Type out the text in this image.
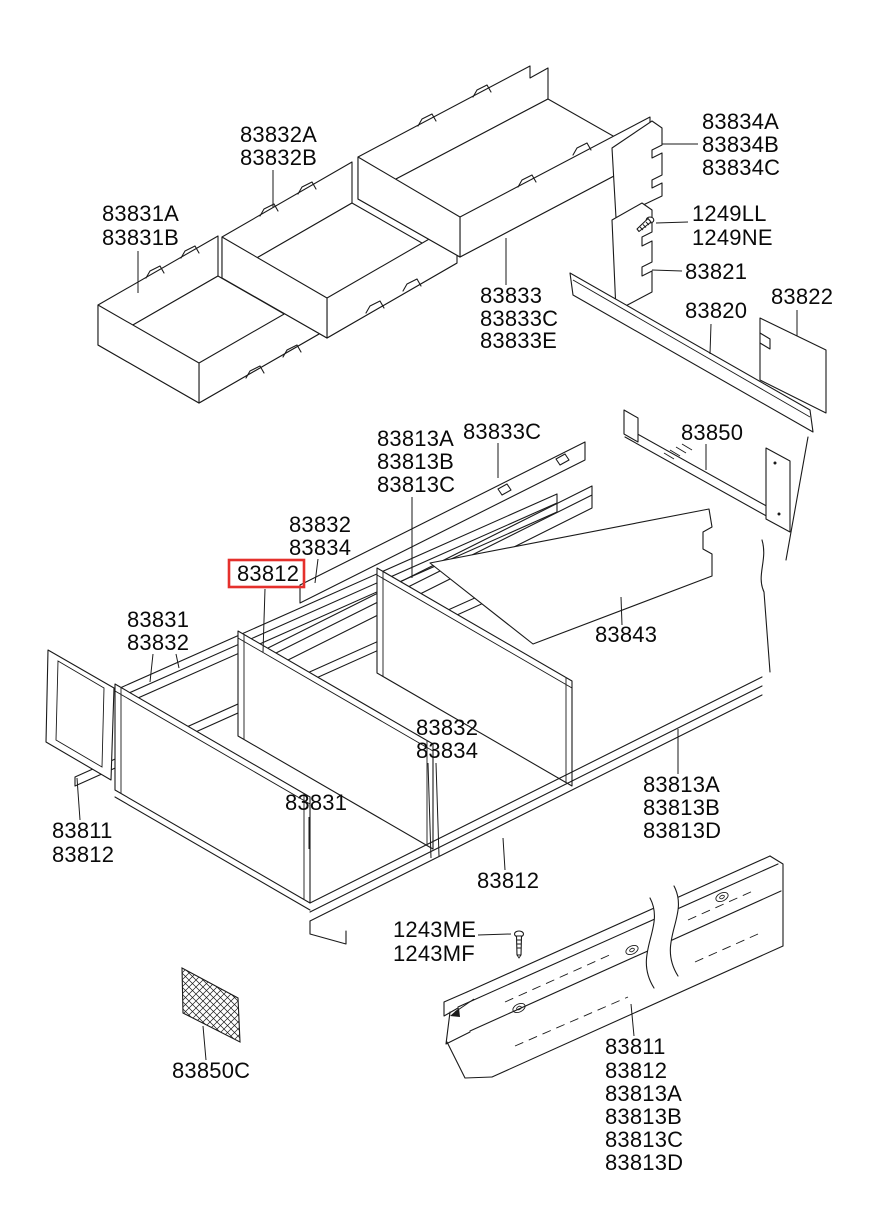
83832A
83832B
83831A
83831B
83834A
83834B
83834C
1249LL
1249NE
83821
83822
83833
83833C
83833E
83820
83850
83833C
83813A
83813B
83813C
83832
83834
83812
83831
83832	83843
83832
83834
83831
83811
83812
83813A
83813B
83813D
83812
1243ME
1243MF
83850C
83811
83812
83813A
83813B
83813C
83813D
